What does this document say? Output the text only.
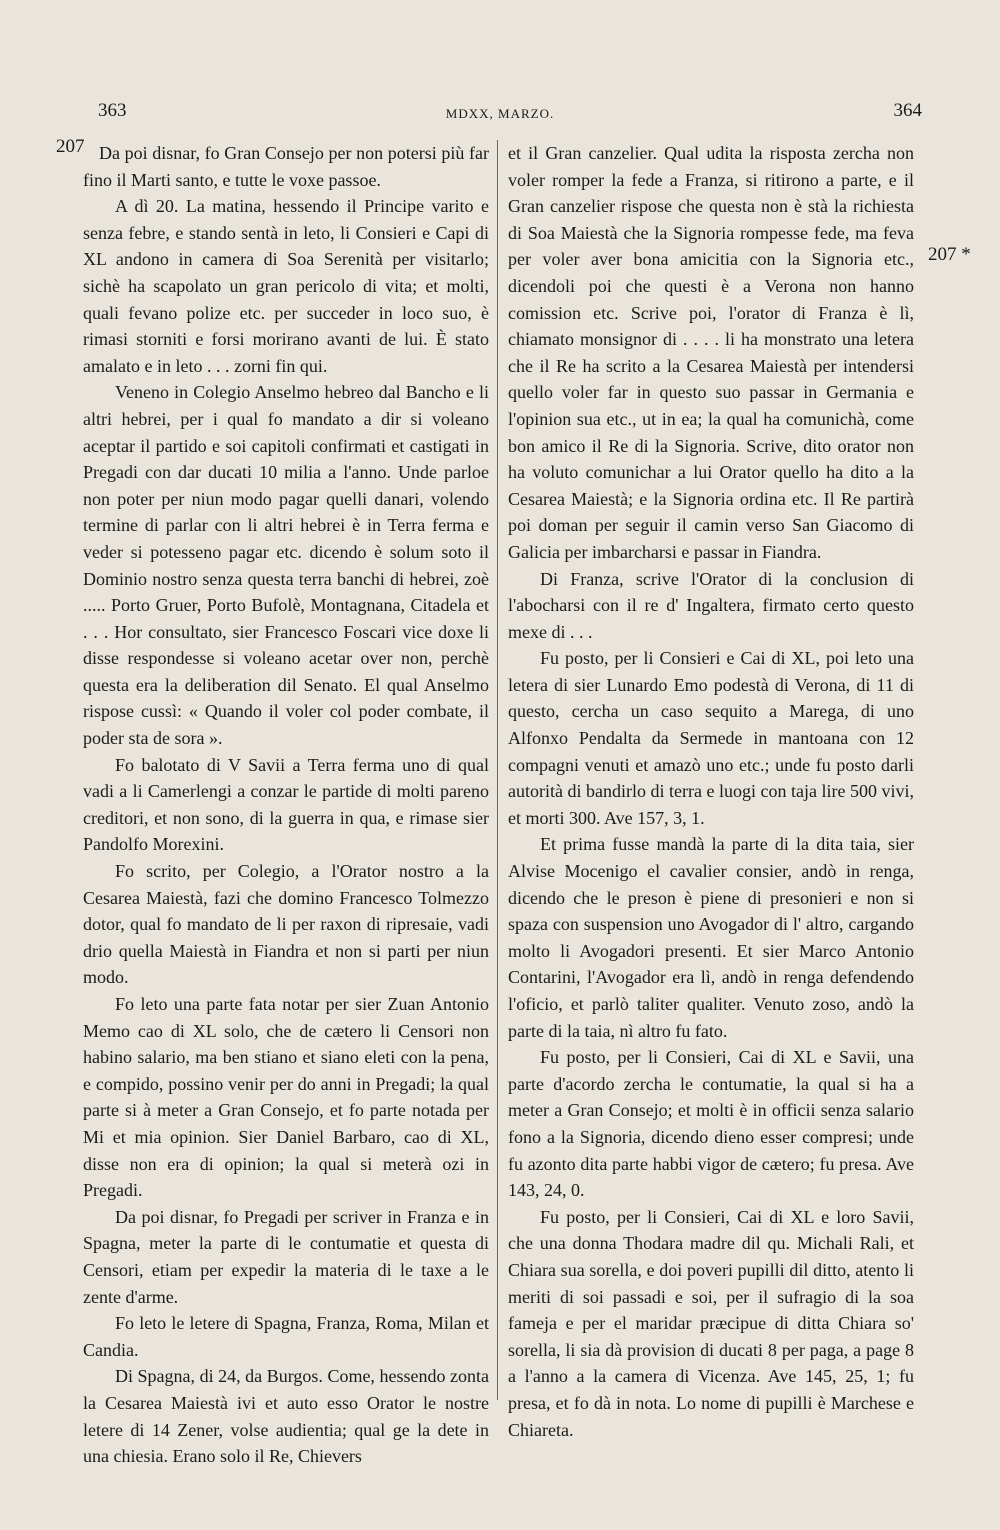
363	MDXX, MARZO.	364
207
207 *

Da poi disnar, fo Gran Consejo per non potersi più far fino il Marti santo, e tutte le voxe passoe.

A dì 20. La matina, hessendo il Principe varito e senza febre, e stando sentà in leto, li Consieri e Capi di XL andono in camera di Soa Serenità per visitarlo; sichè ha scapolato un gran pericolo di vita; et molti, quali fevano polize etc. per succeder in loco suo, è rimasi storniti e forsi morirano avanti de lui. È stato amalato e in leto . . . zorni fin qui.

Veneno in Colegio Anselmo hebreo dal Bancho e li altri hebrei, per i qual fo mandato a dir si voleano aceptar il partido e soi capitoli confirmati et castigati in Pregadi con dar ducati 10 milia a l'anno. Unde parloe non poter per niun modo pagar quelli danari, volendo termine di parlar con li altri hebrei è in Terra ferma e veder si potesseno pagar etc. dicendo è solum soto il Dominio nostro senza questa terra banchi di hebrei, zoè ..... Porto Gruer, Porto Bufolè, Montagnana, Citadela et . . . Hor consultato, sier Francesco Foscari vice doxe li disse respondesse si voleano acetar over non, perchè questa era la deliberation dil Senato. El qual Anselmo rispose cussì: « Quando il voler col poder combate, il poder sta de sora ».

Fo balotato di V Savii a Terra ferma uno di qual vadi a li Camerlengi a conzar le partide di molti pareno creditori, et non sono, di la guerra in qua, e rimase sier Pandolfo Morexini.

Fo scrito, per Colegio, a l'Orator nostro a la Cesarea Maiestà, fazi che domino Francesco Tolmezzo dotor, qual fo mandato de li per raxon di ripresaie, vadi drio quella Maiestà in Fiandra et non si parti per niun modo.

Fo leto una parte fata notar per sier Zuan Antonio Memo cao di XL solo, che de cætero li Censori non habino salario, ma ben stiano et siano eleti con la pena, e compido, possino venir per do anni in Pregadi; la qual parte si à meter a Gran Consejo, et fo parte notada per Mi et mia opinion. Sier Daniel Barbaro, cao di XL, disse non era di opinion; la qual si meterà ozi in Pregadi.

Da poi disnar, fo Pregadi per scriver in Franza e in Spagna, meter la parte di le contumatie et questa di Censori, etiam per expedir la materia di le taxe a le zente d'arme.

Fo leto le letere di Spagna, Franza, Roma, Milan et Candia.

Di Spagna, di 24, da Burgos. Come, hessendo zonta la Cesarea Maiestà ivi et auto esso Orator le nostre letere di 14 Zener, volse audientia; qual ge la dete in una chiesia. Erano solo il Re, Chievers

et il Gran canzelier. Qual udita la risposta zercha non voler romper la fede a Franza, si ritirono a parte, e il Gran canzelier rispose che questa non è stà la richiesta di Soa Maiestà che la Signoria rompesse fede, ma feva per voler aver bona amicitia con la Signoria etc., dicendoli poi che questi è a Verona non hanno comission etc. Scrive poi, l'orator di Franza è lì, chiamato monsignor di . . . . li ha monstrato una letera che il Re ha scrito a la Cesarea Maiestà per intendersi quello voler far in questo suo passar in Germania e l'opinion sua etc., ut in ea; la qual ha comunichà, come bon amico il Re di la Signoria. Scrive, dito orator non ha voluto comunichar a lui Orator quello ha dito a la Cesarea Maiestà; e la Signoria ordina etc. Il Re partirà poi doman per seguir il camin verso San Giacomo di Galicia per imbarcharsi e passar in Fiandra.

Di Franza, scrive l'Orator di la conclusion di l'abocharsi con il re d' Ingaltera, firmato certo questo mexe di . . .

Fu posto, per li Consieri e Cai di XL, poi leto una letera di sier Lunardo Emo podestà di Verona, di 11 di questo, cercha un caso sequito a Marega, di uno Alfonxo Pendalta da Sermede in mantoana con 12 compagni venuti et amazò uno etc.; unde fu posto darli autorità di bandirlo di terra e luogi con taja lire 500 vivi, et morti 300. Ave 157, 3, 1.

Et prima fusse mandà la parte di la dita taia, sier Alvise Mocenigo el cavalier consier, andò in renga, dicendo che le preson è piene di presonieri e non si spaza con suspension uno Avogador di l' altro, cargando molto li Avogadori presenti. Et sier Marco Antonio Contarini, l'Avogador era lì, andò in renga defendendo l'oficio, et parlò taliter qualiter. Venuto zoso, andò la parte di la taia, nì altro fu fato.

Fu posto, per li Consieri, Cai di XL e Savii, una parte d'acordo zercha le contumatie, la qual si ha a meter a Gran Consejo; et molti è in officii senza salario fono a la Signoria, dicendo dieno esser compresi; unde fu azonto dita parte habbi vigor de cætero; fu presa. Ave 143, 24, 0.

Fu posto, per li Consieri, Cai di XL e loro Savii, che una donna Thodara madre dil qu. Michali Rali, et Chiara sua sorella, e doi poveri pupilli dil ditto, atento li meriti di soi passadi e soi, per il sufragio di la soa fameja e per el maridar præcipue di ditta Chiara so' sorella, li sia dà provision di ducati 8 per paga, a page 8 a l'anno a la camera di Vicenza. Ave 145, 25, 1; fu presa, et fo dà in nota. Lo nome di pupilli è Marchese e Chiareta.
